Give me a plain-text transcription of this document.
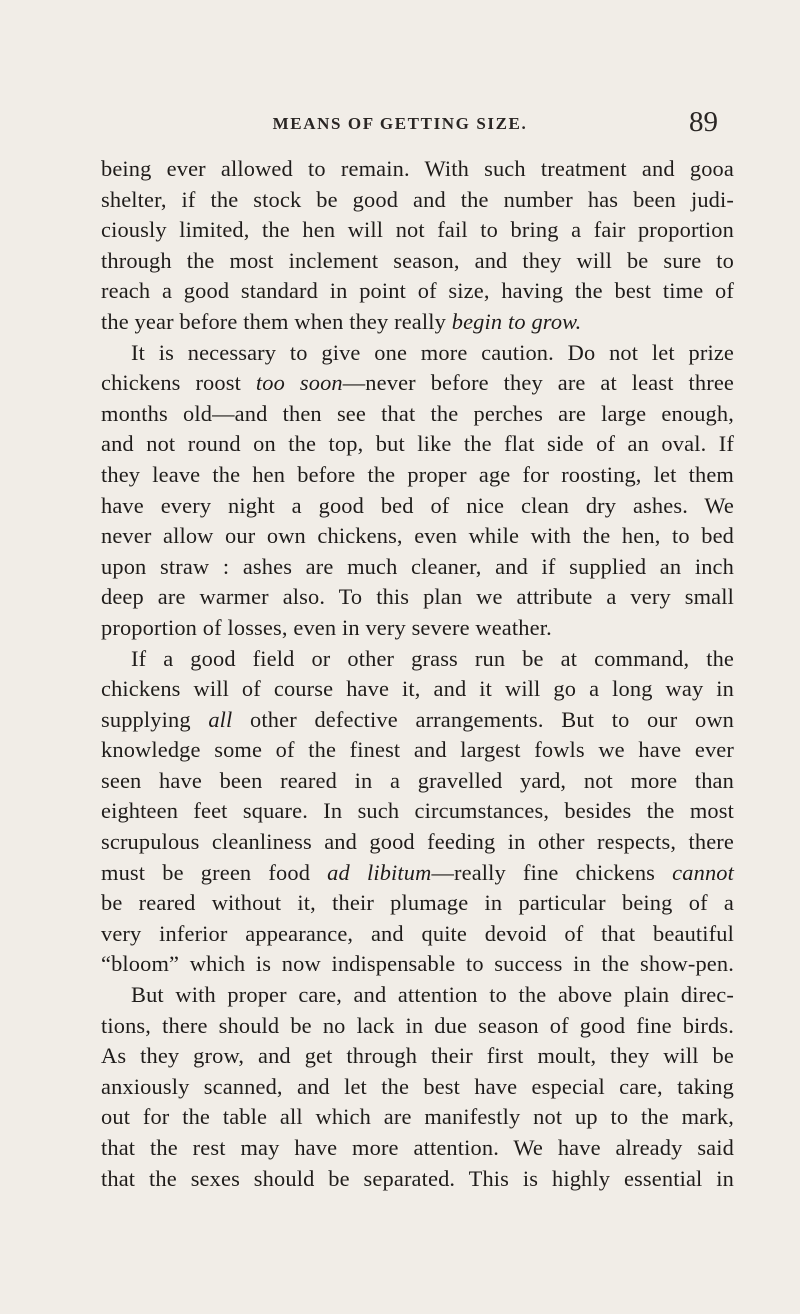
MEANS OF GETTING SIZE.	89
being ever allowed to remain. With such treatment and gooa
shelter, if the stock be good and the number has been judi-
ciously limited, the hen will not fail to bring a fair proportion
through the most inclement season, and they will be sure to
reach a good standard in point of size, having the best time of
the year before them when they really begin to grow.
It is necessary to give one more caution. Do not let prize
chickens roost too soon—never before they are at least three
months old—and then see that the perches are large enough,
and not round on the top, but like the flat side of an oval. If
they leave the hen before the proper age for roosting, let them
have every night a good bed of nice clean dry ashes. We
never allow our own chickens, even while with the hen, to bed
upon straw : ashes are much cleaner, and if supplied an inch
deep are warmer also. To this plan we attribute a very small
proportion of losses, even in very severe weather.
If a good field or other grass run be at command, the
chickens will of course have it, and it will go a long way in
supplying all other defective arrangements. But to our own
knowledge some of the finest and largest fowls we have ever
seen have been reared in a gravelled yard, not more than
eighteen feet square. In such circumstances, besides the most
scrupulous cleanliness and good feeding in other respects, there
must be green food ad libitum—really fine chickens cannot
be reared without it, their plumage in particular being of a
very inferior appearance, and quite devoid of that beautiful
“bloom” which is now indispensable to success in the show-pen.
But with proper care, and attention to the above plain direc-
tions, there should be no lack in due season of good fine birds.
As they grow, and get through their first moult, they will be
anxiously scanned, and let the best have especial care, taking
out for the table all which are manifestly not up to the mark,
that the rest may have more attention. We have already said
that the sexes should be separated. This is highly essential in
